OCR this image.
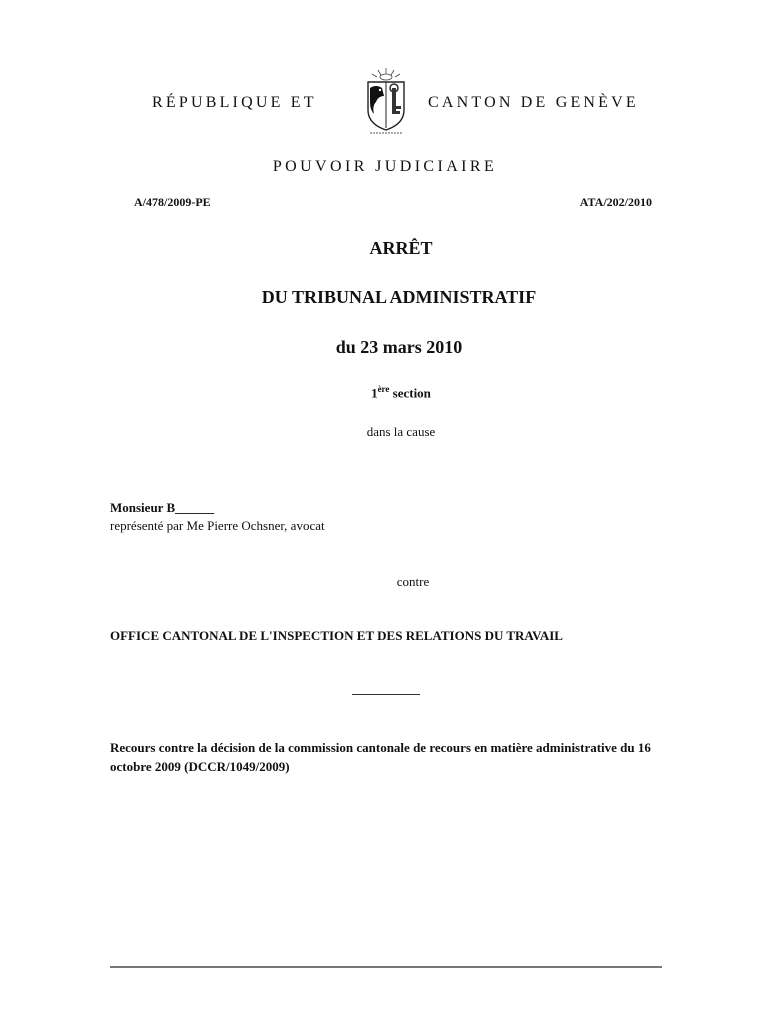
RÉPUBLIQUE ET	CANTON DE GENÈVE
POUVOIR JUDICIAIRE
A/478/2009-PE	ATA/202/2010
ARRÊT
DU TRIBUNAL ADMINISTRATIF
du 23 mars 2010
1ère section
dans la cause
Monsieur B______
représenté par Me Pierre Ochsner, avocat
contre
OFFICE CANTONAL DE L'INSPECTION ET DES RELATIONS DU TRAVAIL
Recours contre la décision de la commission cantonale de recours en matière administrative du 16 octobre 2009 (DCCR/1049/2009)
